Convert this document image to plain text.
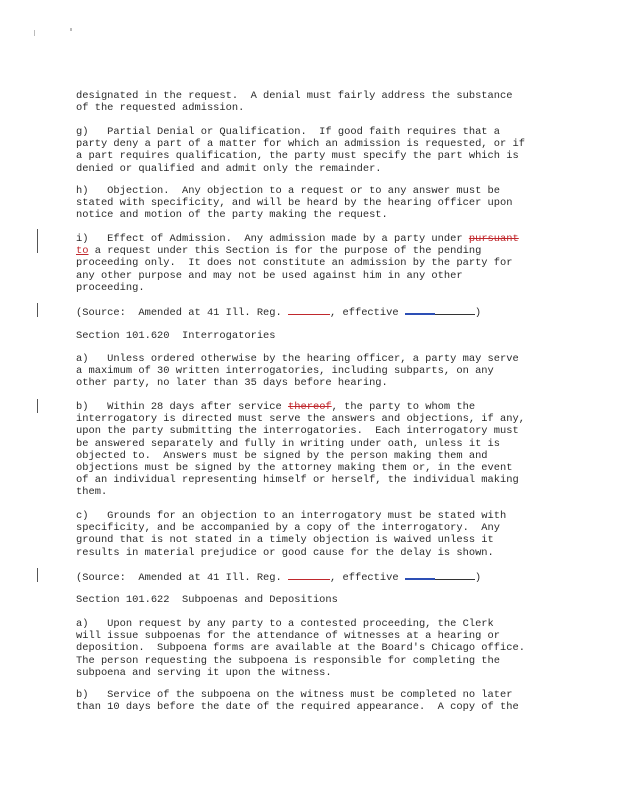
designated in the request.  A denial must fairly address the substance
of the requested admission.
g)   Partial Denial or Qualification.  If good faith requires that a
party deny a part of a matter for which an admission is requested, or if
a part requires qualification, the party must specify the part which is
denied or qualified and admit only the remainder.
h)   Objection.  Any objection to a request or to any answer must be
stated with specificity, and will be heard by the hearing officer upon
notice and motion of the party making the request.
i)   Effect of Admission.  Any admission made by a party under pursuant
to a request under this Section is for the purpose of the pending
proceeding only.  It does not constitute an admission by the party for
any other purpose and may not be used against him in any other
proceeding.
(Source:  Amended at 41 Ill. Reg.	, effective	)
Section 101.620  Interrogatories
a)   Unless ordered otherwise by the hearing officer, a party may serve
a maximum of 30 written interrogatories, including subparts, on any
other party, no later than 35 days before hearing.
b)   Within 28 days after service thereof, the party to whom the
interrogatory is directed must serve the answers and objections, if any,
upon the party submitting the interrogatories.  Each interrogatory must
be answered separately and fully in writing under oath, unless it is
objected to.  Answers must be signed by the person making them and
objections must be signed by the attorney making them or, in the event
of an individual representing himself or herself, the individual making
them.
c)   Grounds for an objection to an interrogatory must be stated with
specificity, and be accompanied by a copy of the interrogatory.  Any
ground that is not stated in a timely objection is waived unless it
results in material prejudice or good cause for the delay is shown.
(Source:  Amended at 41 Ill. Reg.	, effective	)
Section 101.622  Subpoenas and Depositions
a)   Upon request by any party to a contested proceeding, the Clerk
will issue subpoenas for the attendance of witnesses at a hearing or
deposition.  Subpoena forms are available at the Board's Chicago office.
The person requesting the subpoena is responsible for completing the
subpoena and serving it upon the witness.
b)   Service of the subpoena on the witness must be completed no later
than 10 days before the date of the required appearance.  A copy of the
